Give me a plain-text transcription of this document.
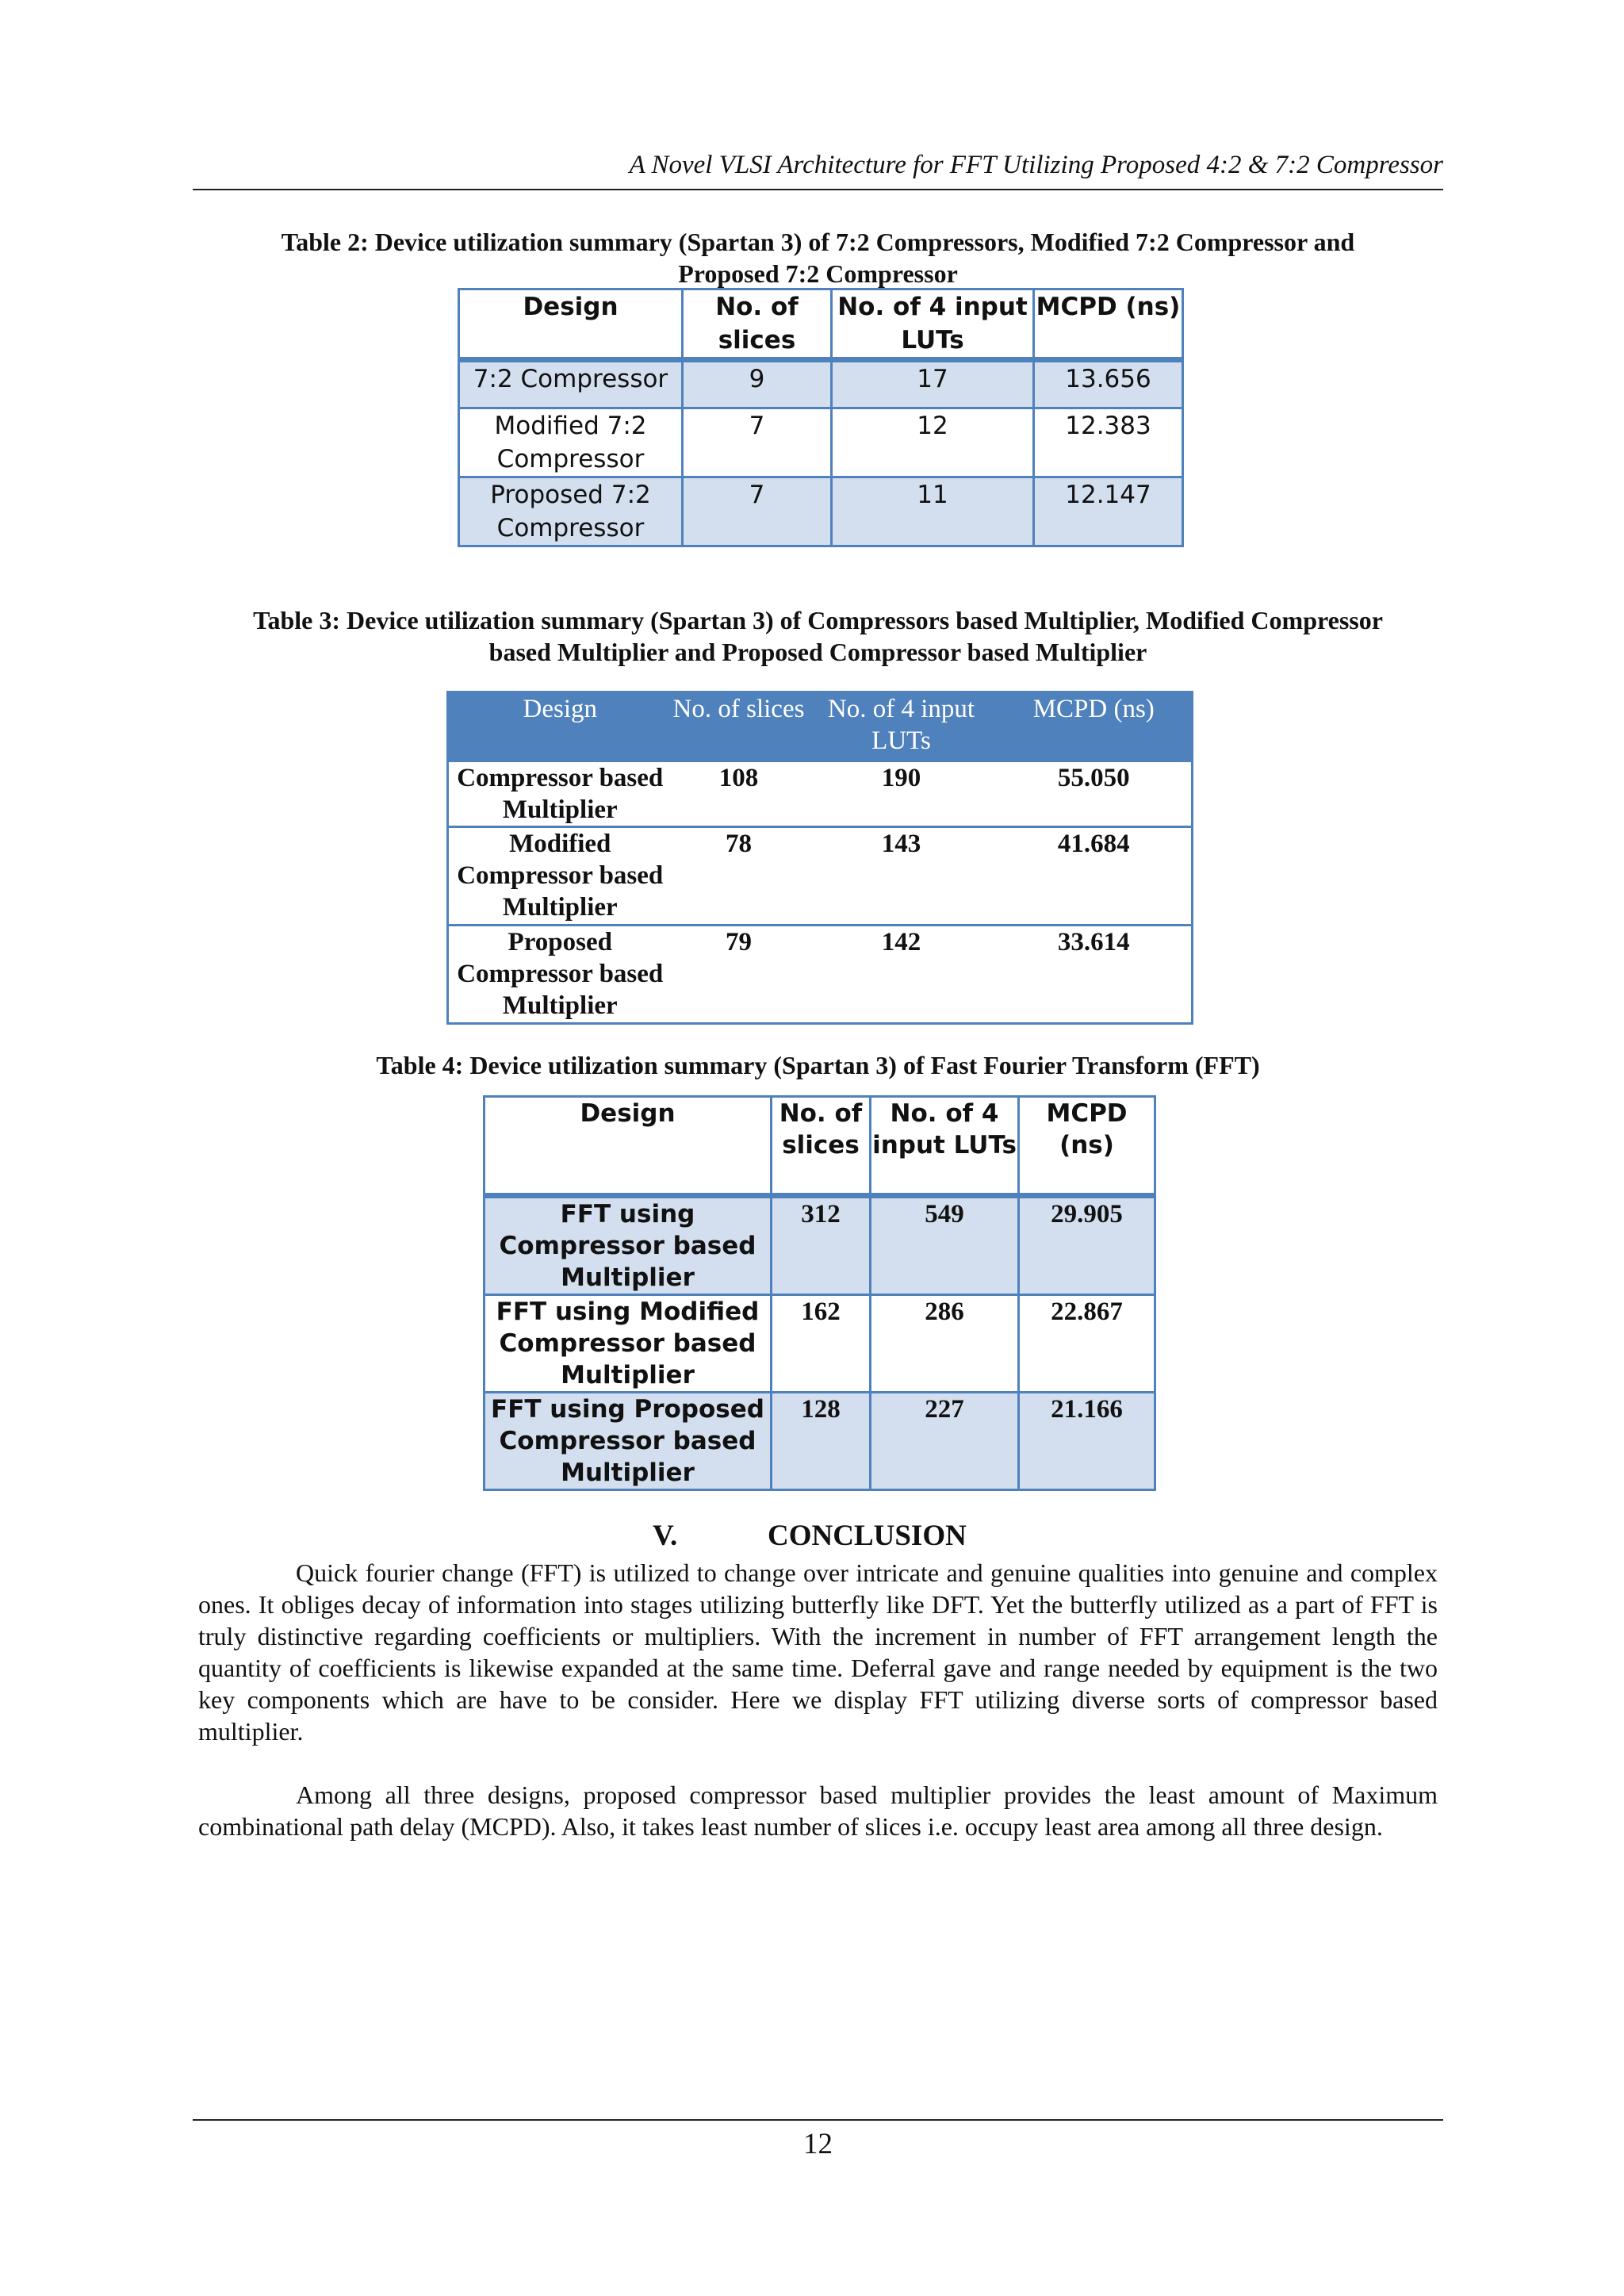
A Novel VLSI Architecture for FFT Utilizing Proposed 4:2 & 7:2 Compressor
Table 2: Device utilization summary (Spartan 3) of 7:2 Compressors, Modified 7:2 Compressor and
Proposed 7:2 Compressor
Design	No. of slices	No. of 4 input LUTs	MCPD (ns)
7:2 Compressor	9	17	13.656
Modified 7:2 Compressor	7	12	12.383
Proposed 7:2 Compressor	7	11	12.147
Table 3: Device utilization summary (Spartan 3) of Compressors based Multiplier, Modified Compressor
based Multiplier and Proposed Compressor based Multiplier
Design	No. of slices	No. of 4 input LUTs	MCPD (ns)
Compressor based Multiplier	108	190	55.050
Modified Compressor based Multiplier	78	143	41.684
Proposed Compressor based Multiplier	79	142	33.614
Table 4: Device utilization summary (Spartan 3) of Fast Fourier Transform (FFT)
Design	No. of slices	No. of 4 input LUTs	MCPD (ns)
FFT using Compressor based Multiplier	312	549	29.905
FFT using Modified Compressor based Multiplier	162	286	22.867
FFT using Proposed Compressor based Multiplier	128	227	21.166
V.	CONCLUSION
Quick fourier change (FFT) is utilized to change over intricate and genuine qualities into genuine and complex ones. It obliges decay of information into stages utilizing butterfly like DFT. Yet the butterfly utilized as a part of FFT is truly distinctive regarding coefficients or multipliers. With the increment in number of FFT arrangement length the quantity of coefficients is likewise expanded at the same time. Deferral gave and range needed by equipment is the two key components which are have to be consider. Here we display FFT utilizing diverse sorts of compressor based multiplier.
Among all three designs, proposed compressor based multiplier provides the least amount of Maximum combinational path delay (MCPD). Also, it takes least number of slices i.e. occupy least area among all three design.
12
